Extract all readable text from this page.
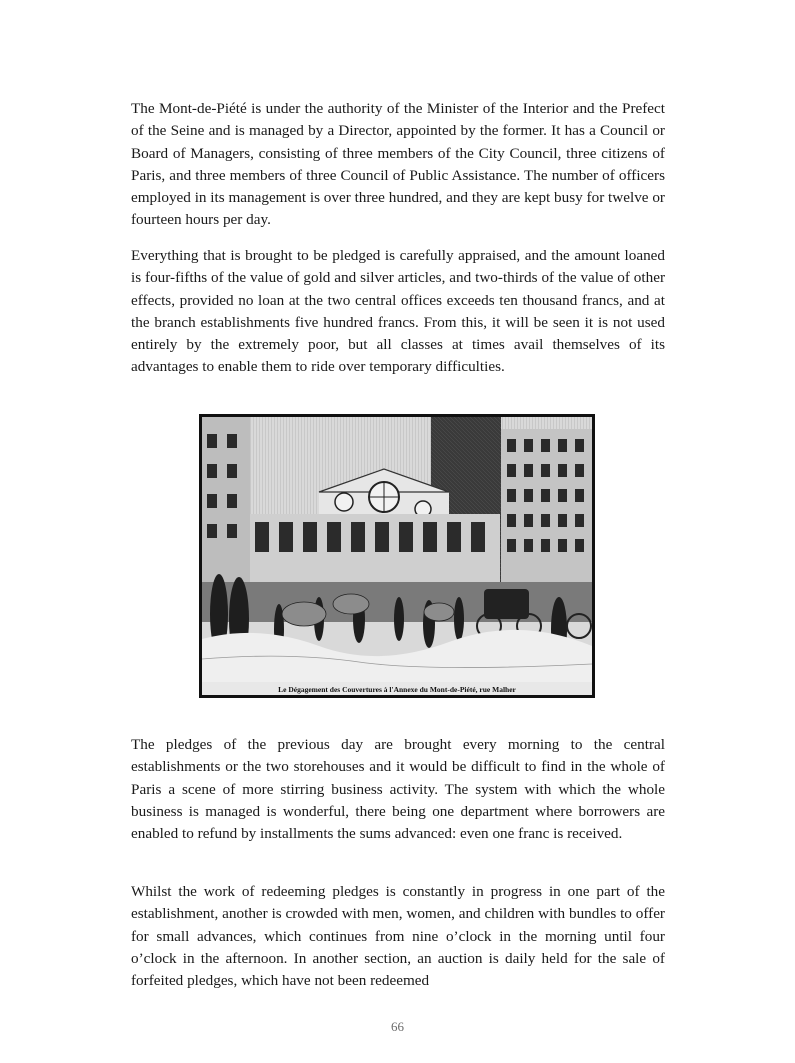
The Mont-de-Piété is under the authority of the Minister of the Interior and the Prefect of the Seine and is managed by a Director, appointed by the former. It has a Council or Board of Managers, consisting of three members of the City Council, three citizens of Paris, and three members of three Council of Public Assistance. The number of officers employed in its management is over three hundred, and they are kept busy for twelve or fourteen hours per day.

Everything that is brought to be pledged is carefully appraised, and the amount loaned is four-fifths of the value of gold and silver articles, and two-thirds of the value of other effects, provided no loan at the two central offices exceeds ten thousand francs, and at the branch establishments five hundred francs. From this, it will be seen it is not used entirely by the extremely poor, but all classes at times avail themselves of its advantages to enable them to ride over temporary difficulties.

Le Dégagement des Couvertures à l'Annexe du Mont-de-Piété, rue Malher

The pledges of the previous day are brought every morning to the central establishments or the two storehouses and it would be difficult to find in the whole of Paris a scene of more stirring business activity. The system with which the whole business is managed is wonderful, there being one department where borrowers are enabled to refund by installments the sums advanced: even one franc is received.

Whilst the work of redeeming pledges is constantly in progress in one part of the establishment, another is crowded with men, women, and children with bundles to offer for small advances, which continues from nine o’clock in the morning until four o’clock in the afternoon. In another section, an auction is daily held for the sale of forfeited pledges, which have not been redeemed

66
